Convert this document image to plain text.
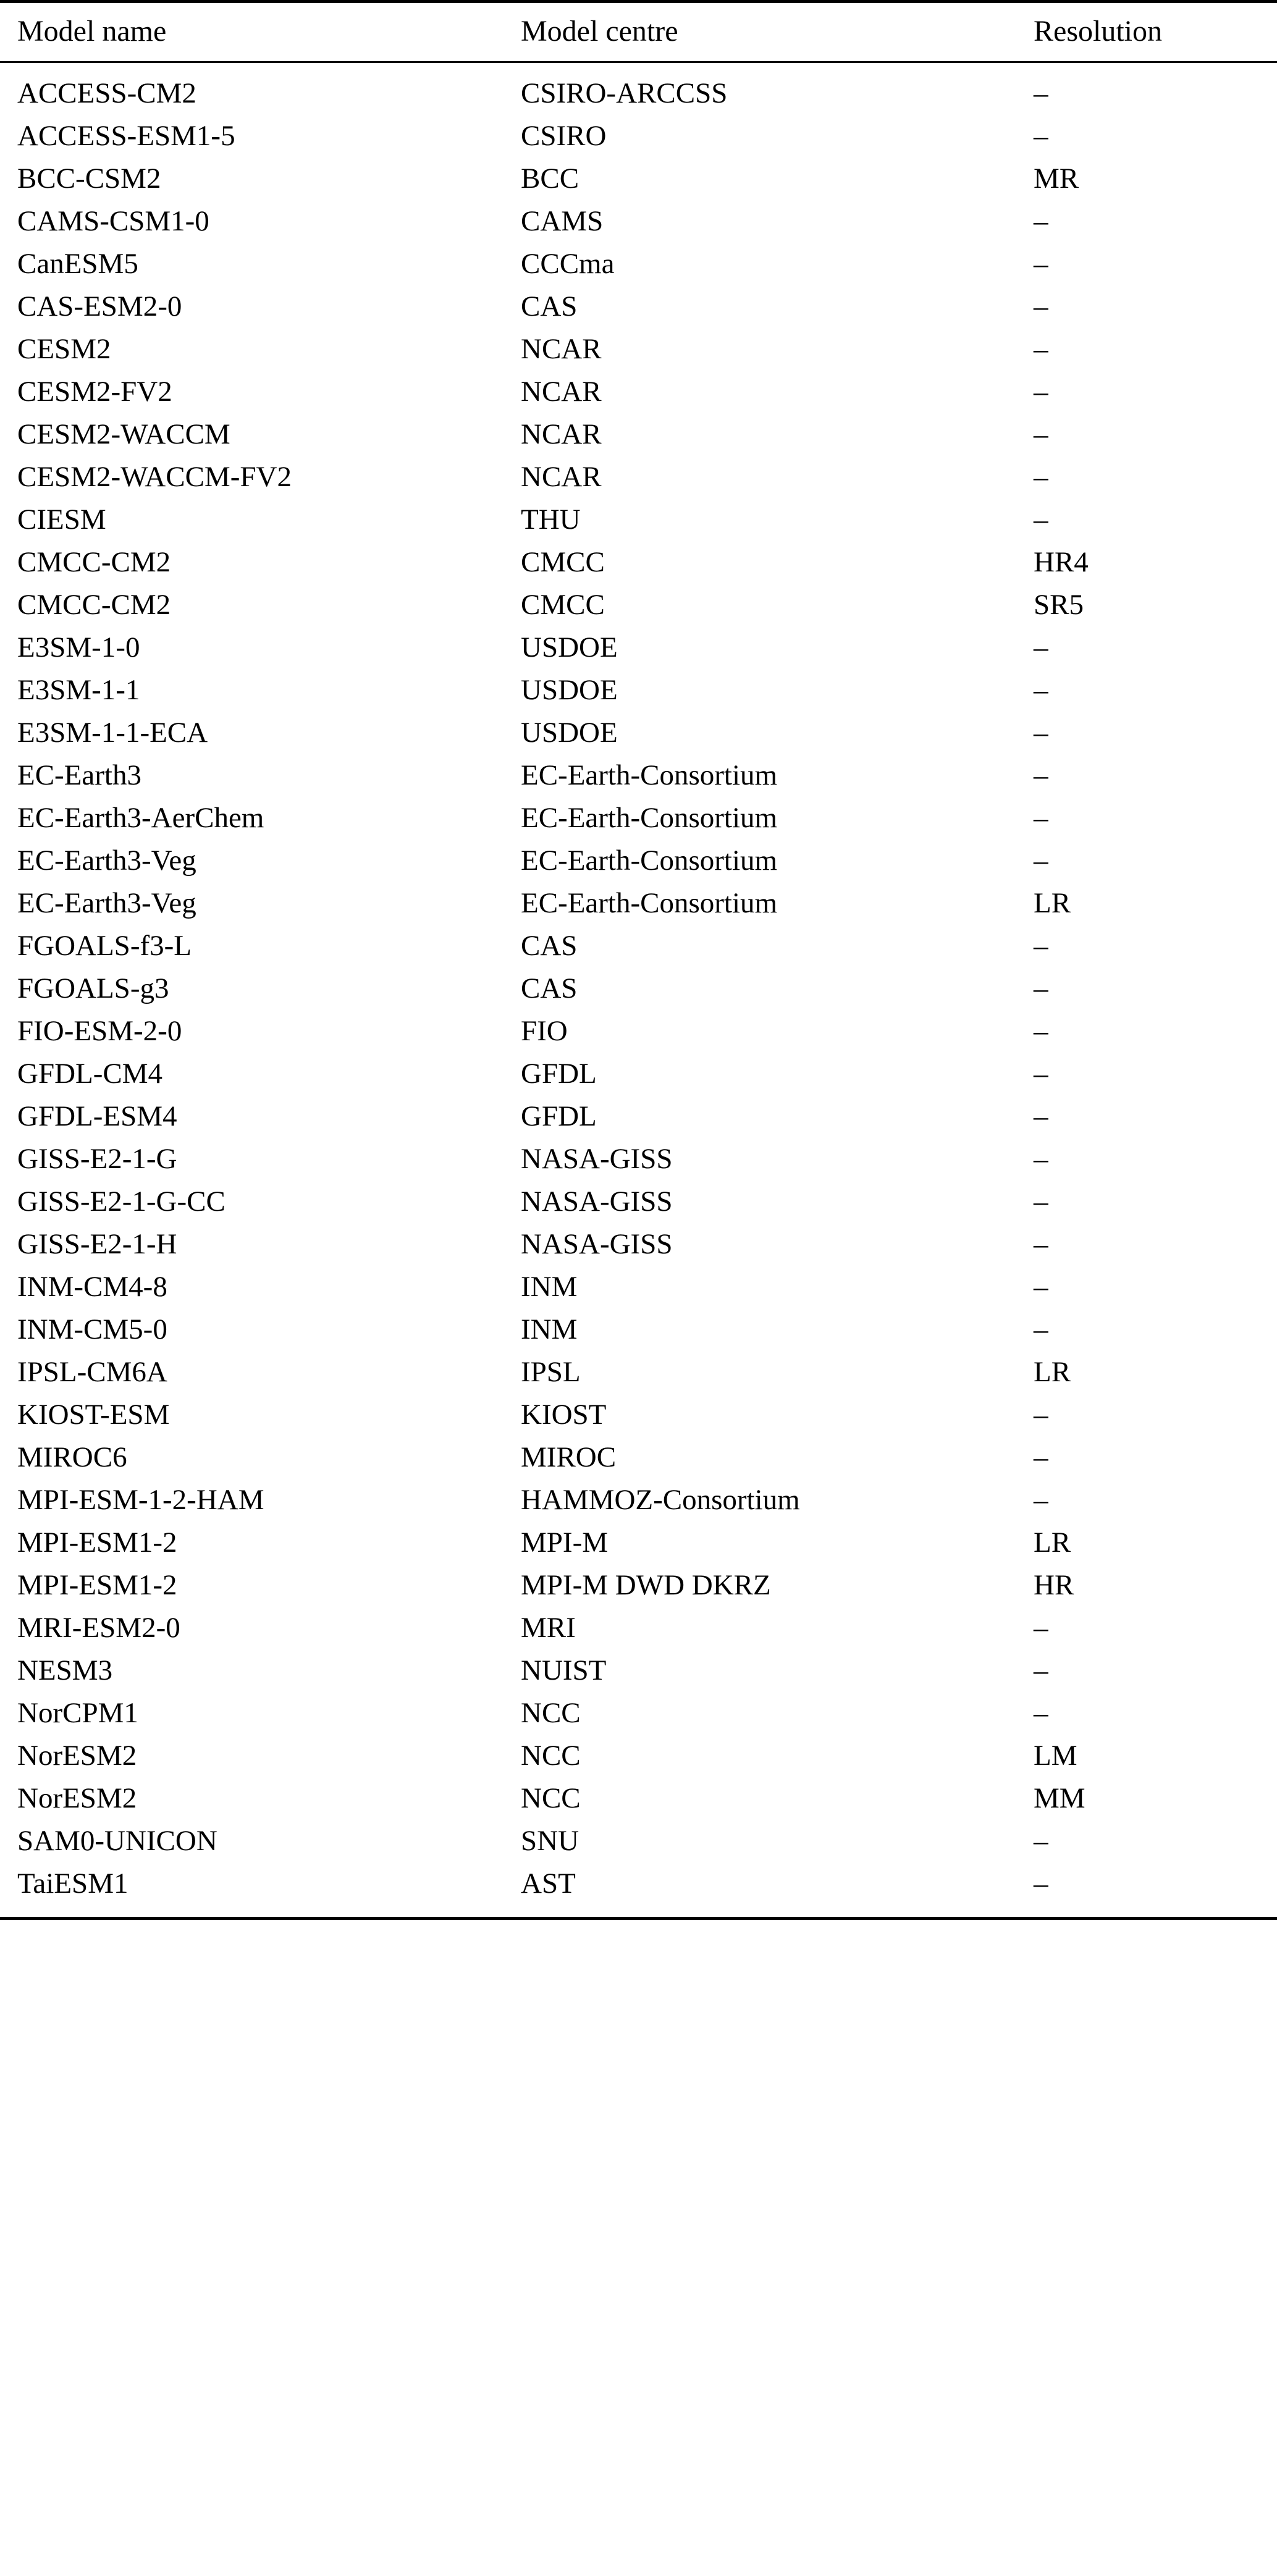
Model name	Model centre	Resolution
ACCESS-CM2	CSIRO-ARCCSS	–
ACCESS-ESM1-5	CSIRO	–
BCC-CSM2	BCC	MR
CAMS-CSM1-0	CAMS	–
CanESM5	CCCma	–
CAS-ESM2-0	CAS	–
CESM2	NCAR	–
CESM2-FV2	NCAR	–
CESM2-WACCM	NCAR	–
CESM2-WACCM-FV2	NCAR	–
CIESM	THU	–
CMCC-CM2	CMCC	HR4
CMCC-CM2	CMCC	SR5
E3SM-1-0	USDOE	–
E3SM-1-1	USDOE	–
E3SM-1-1-ECA	USDOE	–
EC-Earth3	EC-Earth-Consortium	–
EC-Earth3-AerChem	EC-Earth-Consortium	–
EC-Earth3-Veg	EC-Earth-Consortium	–
EC-Earth3-Veg	EC-Earth-Consortium	LR
FGOALS-f3-L	CAS	–
FGOALS-g3	CAS	–
FIO-ESM-2-0	FIO	–
GFDL-CM4	GFDL	–
GFDL-ESM4	GFDL	–
GISS-E2-1-G	NASA-GISS	–
GISS-E2-1-G-CC	NASA-GISS	–
GISS-E2-1-H	NASA-GISS	–
INM-CM4-8	INM	–
INM-CM5-0	INM	–
IPSL-CM6A	IPSL	LR
KIOST-ESM	KIOST	–
MIROC6	MIROC	–
MPI-ESM-1-2-HAM	HAMMOZ-Consortium	–
MPI-ESM1-2	MPI-M	LR
MPI-ESM1-2	MPI-M DWD DKRZ	HR
MRI-ESM2-0	MRI	–
NESM3	NUIST	–
NorCPM1	NCC	–
NorESM2	NCC	LM
NorESM2	NCC	MM
SAM0-UNICON	SNU	–
TaiESM1	AST	–
